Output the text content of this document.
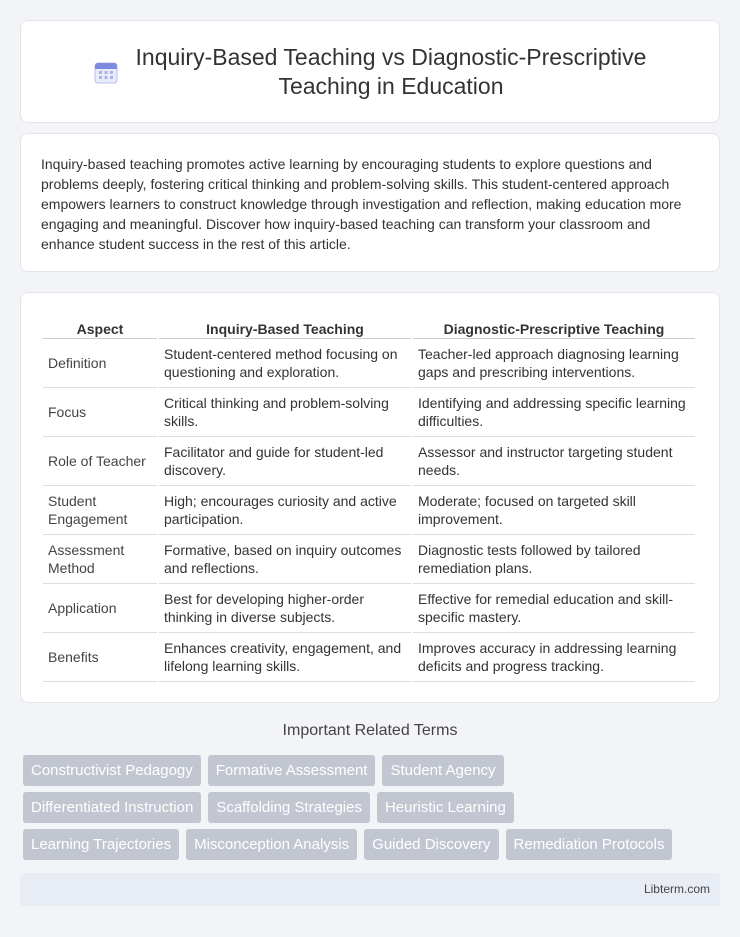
Inquiry-Based Teaching vs Diagnostic-Prescriptive
Teaching in Education

Inquiry-based teaching promotes active learning by encouraging students to explore questions and problems deeply, fostering critical thinking and problem-solving skills. This student-centered approach empowers learners to construct knowledge through investigation and reflection, making education more engaging and meaningful. Discover how inquiry-based teaching can transform your classroom and enhance student success in the rest of this article.

Aspect	Inquiry-Based Teaching	Diagnostic-Prescriptive Teaching
Definition	Student-centered method focusing on questioning and exploration.	Teacher-led approach diagnosing learning gaps and prescribing interventions.
Focus	Critical thinking and problem-solving skills.	Identifying and addressing specific learning difficulties.
Role of Teacher	Facilitator and guide for student-led discovery.	Assessor and instructor targeting student needs.
Student Engagement	High; encourages curiosity and active participation.	Moderate; focused on targeted skill improvement.
Assessment Method	Formative, based on inquiry outcomes and reflections.	Diagnostic tests followed by tailored remediation plans.
Application	Best for developing higher-order thinking in diverse subjects.	Effective for remedial education and skill-specific mastery.
Benefits	Enhances creativity, engagement, and lifelong learning skills.	Improves accuracy in addressing learning deficits and progress tracking.
Important Related Terms
Constructivist Pedagogy	Formative Assessment	Student Agency
Differentiated Instruction	Scaffolding Strategies	Heuristic Learning
Learning Trajectories	Misconception Analysis	Guided Discovery	Remediation Protocols
Libterm.com
